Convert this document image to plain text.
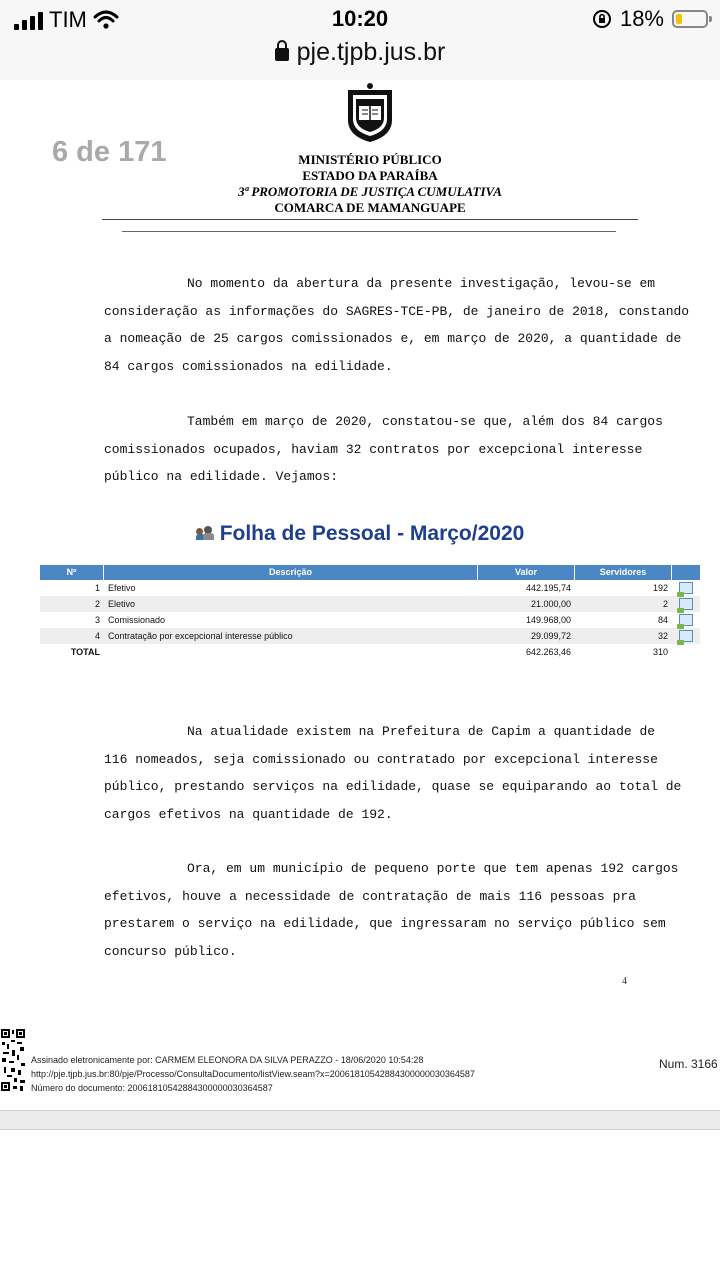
TIM	10:20	18%
pje.tjpb.jus.br
6 de 171	MINISTÉRIO PÚBLICO
ESTADO DA PARAÍBA
3ª PROMOTORIA DE JUSTIÇA CUMULATIVA
COMARCA DE MAMANGUAPE
No momento da abertura da presente investigação, levou-se em
consideração as informações do SAGRES-TCE-PB, de janeiro de 2018, constando
a nomeação de 25 cargos comissionados e, em março de 2020, a quantidade de
84 cargos comissionados na edilidade.
Também em março de 2020, constatou-se que, além dos 84 cargos
comissionados ocupados, haviam 32 contratos por excepcional interesse
público na edilidade. Vejamos:
Folha de Pessoal - Março/2020
Nº	Descrição	Valor	Servidores
1 Efetivo	442.195,74	192
2 Eletivo	21.000,00	2
3 Comissionado	149.968,00	84
4 Contratação por excepcional interesse público	29.099,72	32
TOTAL	642.263,46	310
Na atualidade existem na Prefeitura de Capim a quantidade de
116 nomeados, seja comissionado ou contratado por excepcional interesse
público, prestando serviços na edilidade, quase se equiparando ao total de
cargos efetivos na quantidade de 192.
Ora, em um município de pequeno porte que tem apenas 192 cargos
efetivos, houve a necessidade de contratação de mais 116 pessoas pra
prestarem o serviço na edilidade, que ingressaram no serviço público sem
concurso público.
4
Assinado eletronicamente por: CARMEM ELEONORA DA SILVA PERAZZO - 18/06/2020 10:54:28
http://pje.tjpb.jus.br:80/pje/Processo/ConsultaDocumento/listView.seam?x=20061810542884300000030364587
Número do documento: 20061810542884300000030364587
Num. 3166
